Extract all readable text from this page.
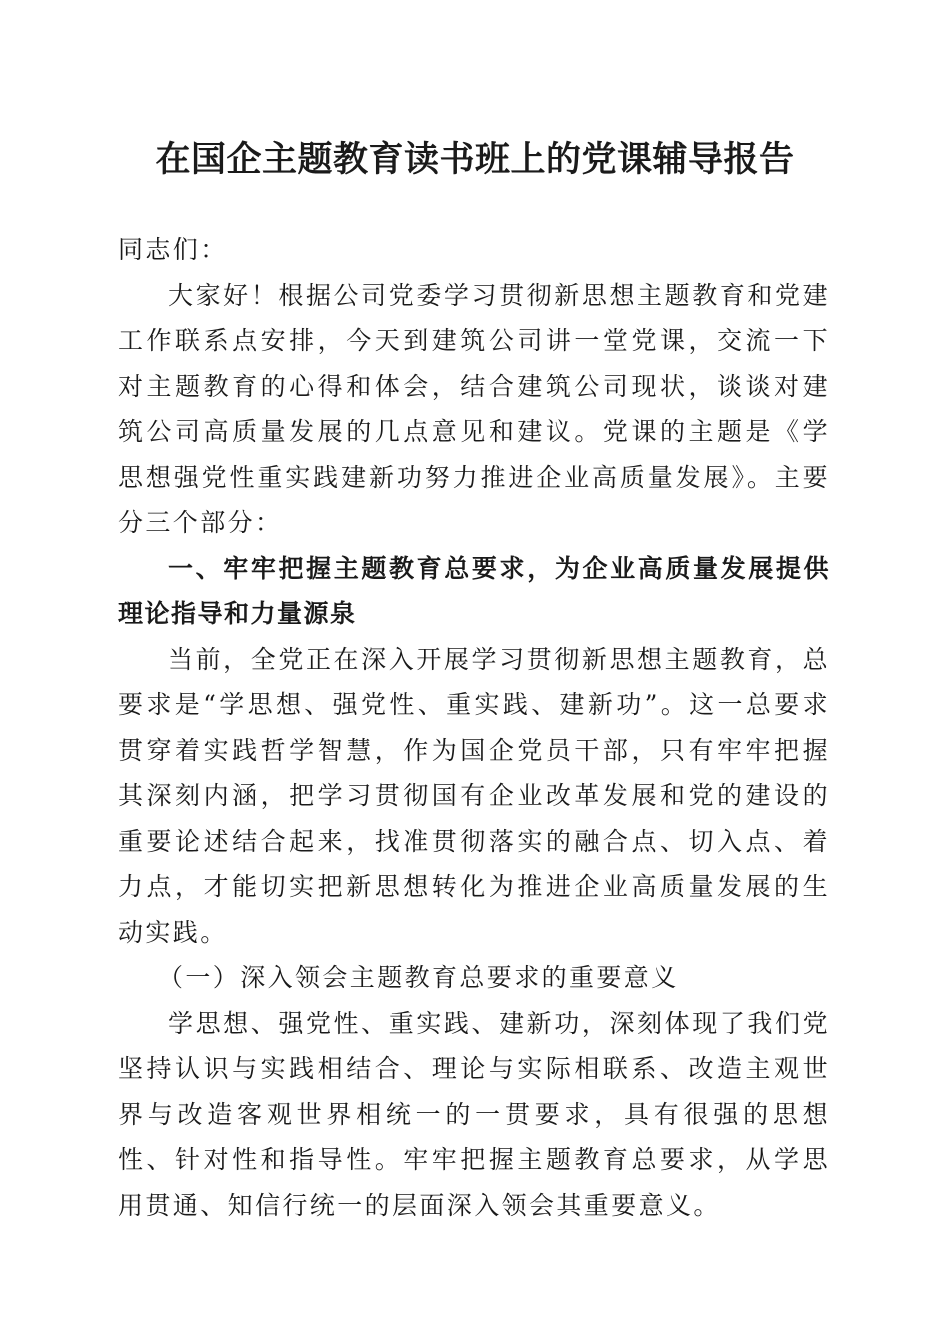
在国企主题教育读书班上的党课辅导报告

同志们：

大家好！根据公司党委学习贯彻新思想主题教育和党建工作联系点安排，今天到建筑公司讲一堂党课，交流一下对主题教育的心得和体会，结合建筑公司现状，谈谈对建筑公司高质量发展的几点意见和建议。党课的主题是《学思想强党性重实践建新功努力推进企业高质量发展》。主要分三个部分：

一、牢牢把握主题教育总要求，为企业高质量发展提供理论指导和力量源泉

当前，全党正在深入开展学习贯彻新思想主题教育，总要求是“学思想、强党性、重实践、建新功”。这一总要求贯穿着实践哲学智慧，作为国企党员干部，只有牢牢把握其深刻内涵，把学习贯彻国有企业改革发展和党的建设的重要论述结合起来，找准贯彻落实的融合点、切入点、着力点，才能切实把新思想转化为推进企业高质量发展的生动实践。

（一）深入领会主题教育总要求的重要意义

学思想、强党性、重实践、建新功，深刻体现了我们党坚持认识与实践相结合、理论与实际相联系、改造主观世界与改造客观世界相统一的一贯要求，具有很强的思想性、针对性和指导性。牢牢把握主题教育总要求，从学思用贯通、知信行统一的层面深入领会其重要意义。
